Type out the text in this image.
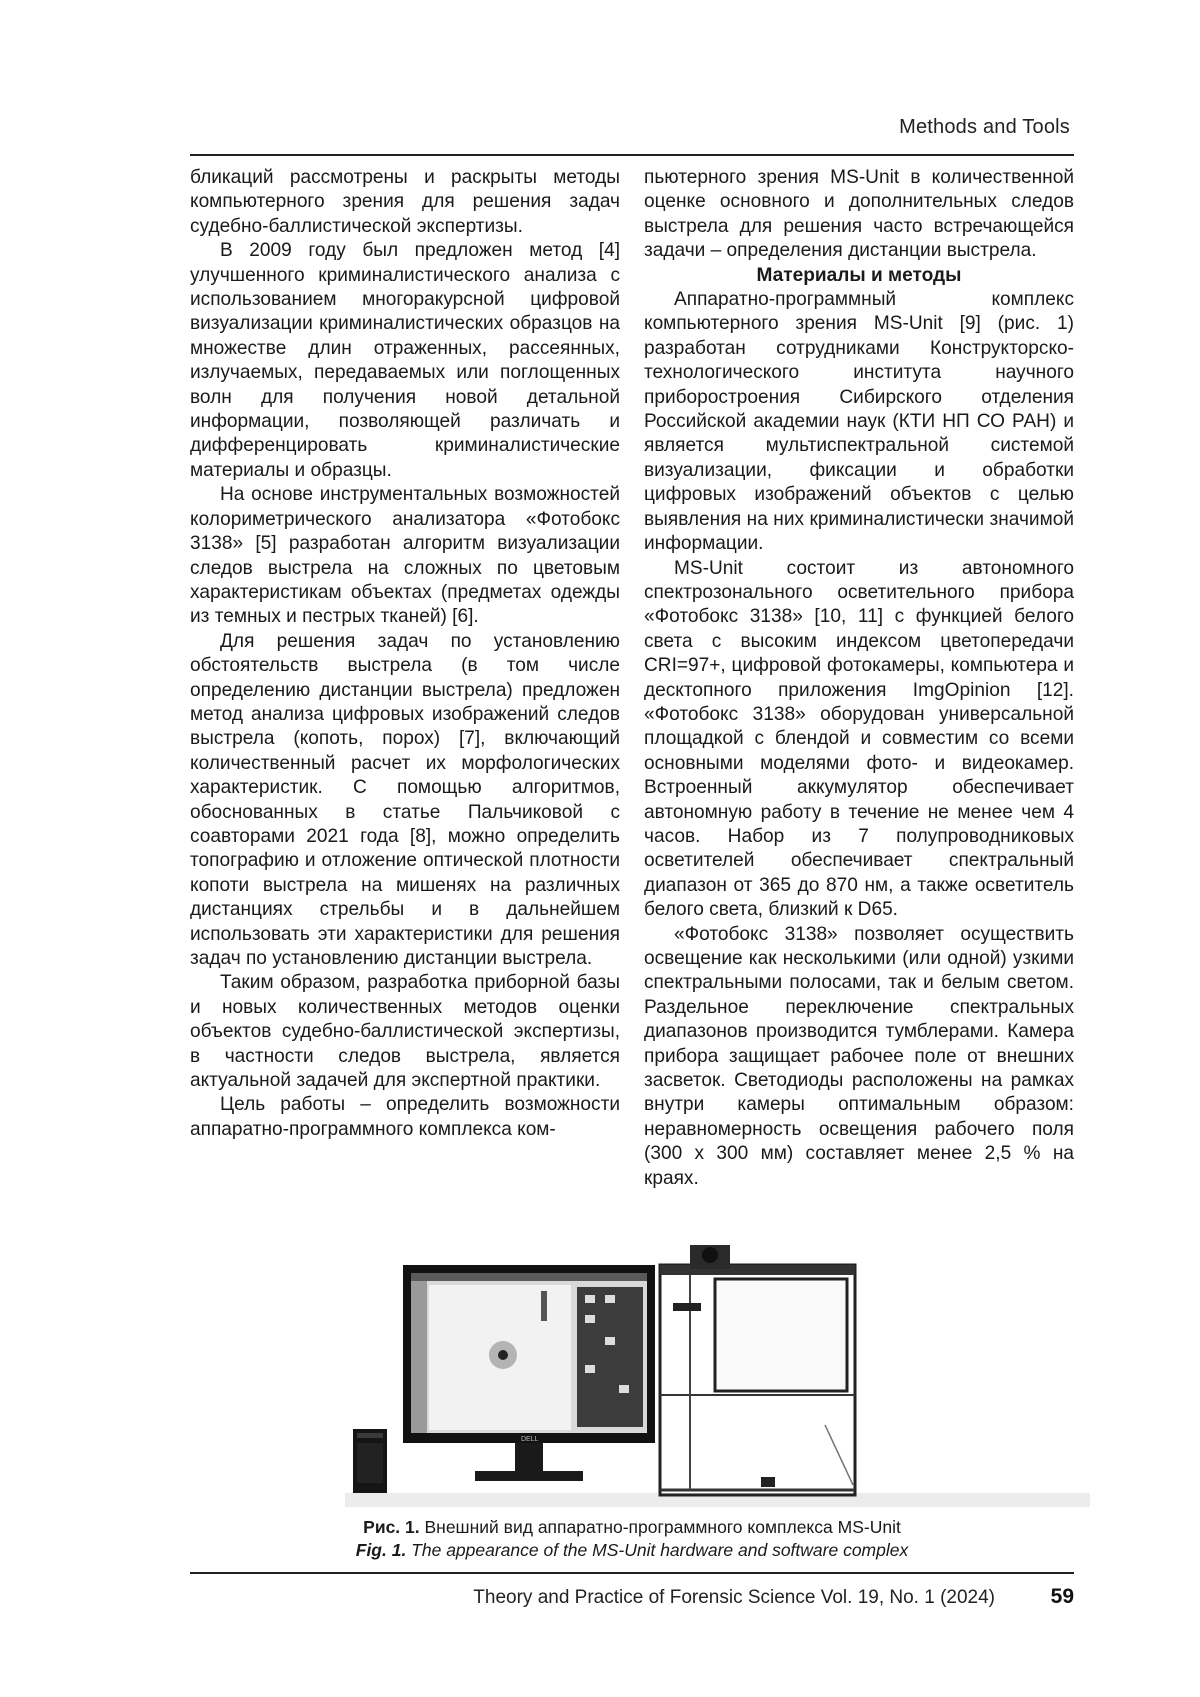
Methods and Tools

бликаций рассмотрены и раскрыты методы компьютерного зрения для решения задач судебно-баллистической экспертизы.

В 2009 году был предложен метод [4] улучшенного криминалистического анализа с использованием многоракурсной цифровой визуализации криминалистических образцов на множестве длин отраженных, рассеянных, излучаемых, передаваемых или поглощенных волн для получения новой детальной информации, позволяющей различать и дифференцировать криминалистические материалы и образцы.

На основе инструментальных возможностей колориметрического анализатора «Фотобокс 3138» [5] разработан алгоритм визуализации следов выстрела на сложных по цветовым характеристикам объектах (предметах одежды из темных и пестрых тканей) [6].

Для решения задач по установлению обстоятельств выстрела (в том числе определению дистанции выстрела) предложен метод анализа цифровых изображений следов выстрела (копоть, порох) [7], включающий количественный расчет их морфологических характеристик. С помощью алгоритмов, обоснованных в статье Пальчиковой с соавторами 2021 года [8], можно определить топографию и отложение оптической плотности копоти выстрела на мишенях на различных дистанциях стрельбы и в дальнейшем использовать эти характеристики для решения задач по установлению дистанции выстрела.

Таким образом, разработка приборной базы и новых количественных методов оценки объектов судебно-баллистической экспертизы, в частности следов выстрела, является актуальной задачей для экспертной практики.

Цель работы – определить возможности аппаратно-программного комплекса ком-

пьютерного зрения MS-Unit в количественной оценке основного и дополнительных следов выстрела для решения часто встречающейся задачи – определения дистанции выстрела.

Материалы и методы

Аппаратно-программный комплекс компьютерного зрения MS-Unit [9] (рис. 1) разработан сотрудниками Конструкторско-технологического института научного приборостроения Сибирского отделения Российской академии наук (КТИ НП СО РАН) и является мультиспектральной системой визуализации, фиксации и обработки цифровых изображений объектов с целью выявления на них криминалистически значимой информации.

MS-Unit состоит из автономного спектрозонального осветительного прибора «Фотобокс 3138» [10, 11] с функцией белого света с высоким индексом цветопередачи CRI=97+, цифровой фотокамеры, компьютера и десктопного приложения ImgOpinion [12]. «Фотобокс 3138» оборудован универсальной площадкой с блендой и совместим со всеми основными моделями фото- и видеокамер. Встроенный аккумулятор обеспечивает автономную работу в течение не менее чем 4 часов. Набор из 7 полупроводниковых осветителей обеспечивает спектральный диапазон от 365 до 870 нм, а также осветитель белого света, близкий к D65.

«Фотобокс 3138» позволяет осуществить освещение как несколькими (или одной) узкими спектральными полосами, так и белым светом. Раздельное переключение спектральных диапазонов производится тумблерами. Камера прибора защищает рабочее поле от внешних засветок. Светодиоды расположены на рамках внутри камеры оптимальным образом: неравномерность освещения рабочего поля (300 x 300 мм) составляет менее 2,5 % на краях.

DELL
Рис. 1. Внешний вид аппаратно-программного комплекса MS-Unit
Fig. 1. The appearance of the MS-Unit hardware and software complex
Theory and Practice of Forensic Science Vol. 19, No. 1 (2024)	59
